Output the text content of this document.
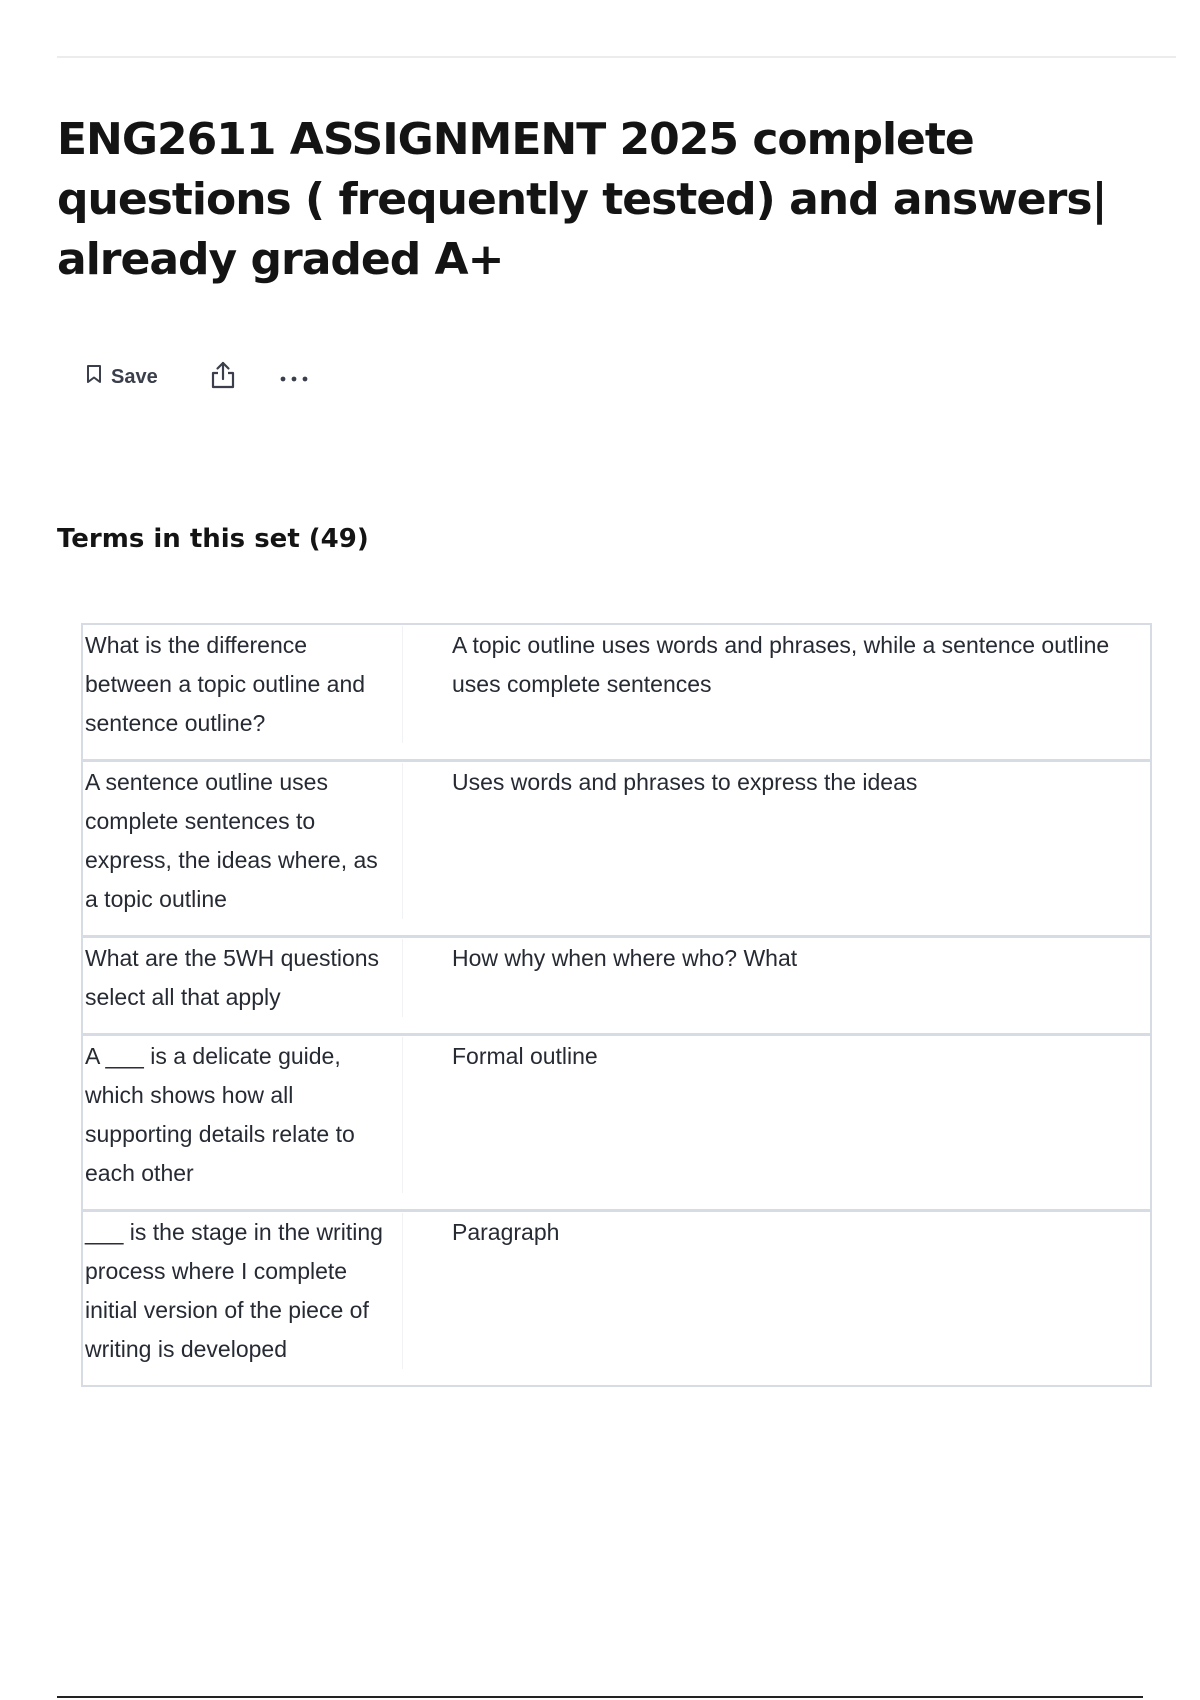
ENG2611 ASSIGNMENT 2025 complete questions ( frequently tested) and answers| already graded A+
Save
Terms in this set (49)
What is the difference between a topic outline and sentence outline?
A topic outline uses words and phrases, while a sentence outline uses complete sentences
A sentence outline uses complete sentences to express, the ideas where, as a topic outline
Uses words and phrases to express the ideas
What are the 5WH questions select all that apply
How why when where who? What
A ___ is a delicate guide, which shows how all supporting details relate to each other
Formal outline
___ is the stage in the writing process where I complete initial version of the piece of writing is developed
Paragraph
